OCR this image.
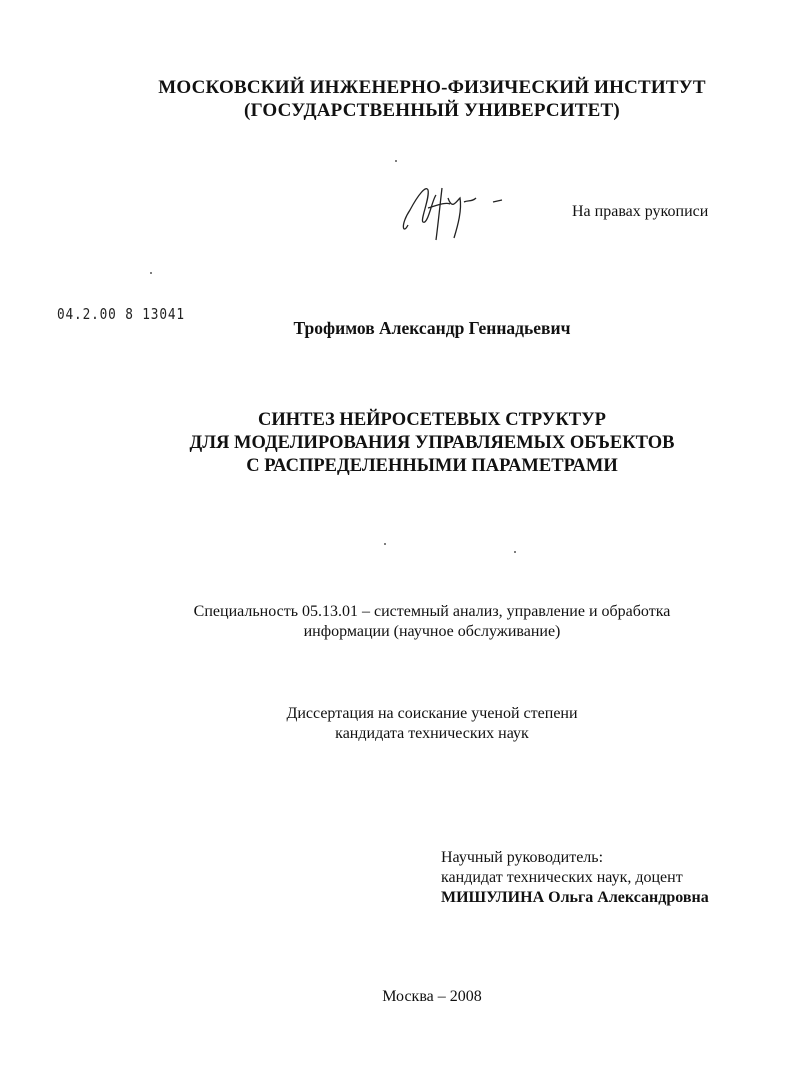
МОСКОВСКИЙ ИНЖЕНЕРНО-ФИЗИЧЕСКИЙ ИНСТИТУТ
(ГОСУДАРСТВЕННЫЙ УНИВЕРСИТЕТ)
На правах рукописи
04.2.00 8 13041
Трофимов Александр Геннадьевич
СИНТЕЗ НЕЙРОСЕТЕВЫХ СТРУКТУР
ДЛЯ МОДЕЛИРОВАНИЯ УПРАВЛЯЕМЫХ ОБЪЕКТОВ
С РАСПРЕДЕЛЕННЫМИ ПАРАМЕТРАМИ
Специальность 05.13.01 – системный анализ, управление и обработка
информации (научное обслуживание)
Диссертация на соискание ученой степени
кандидата технических наук
Научный руководитель:
кандидат технических наук, доцент
МИШУЛИНА Ольга Александровна
Москва – 2008
